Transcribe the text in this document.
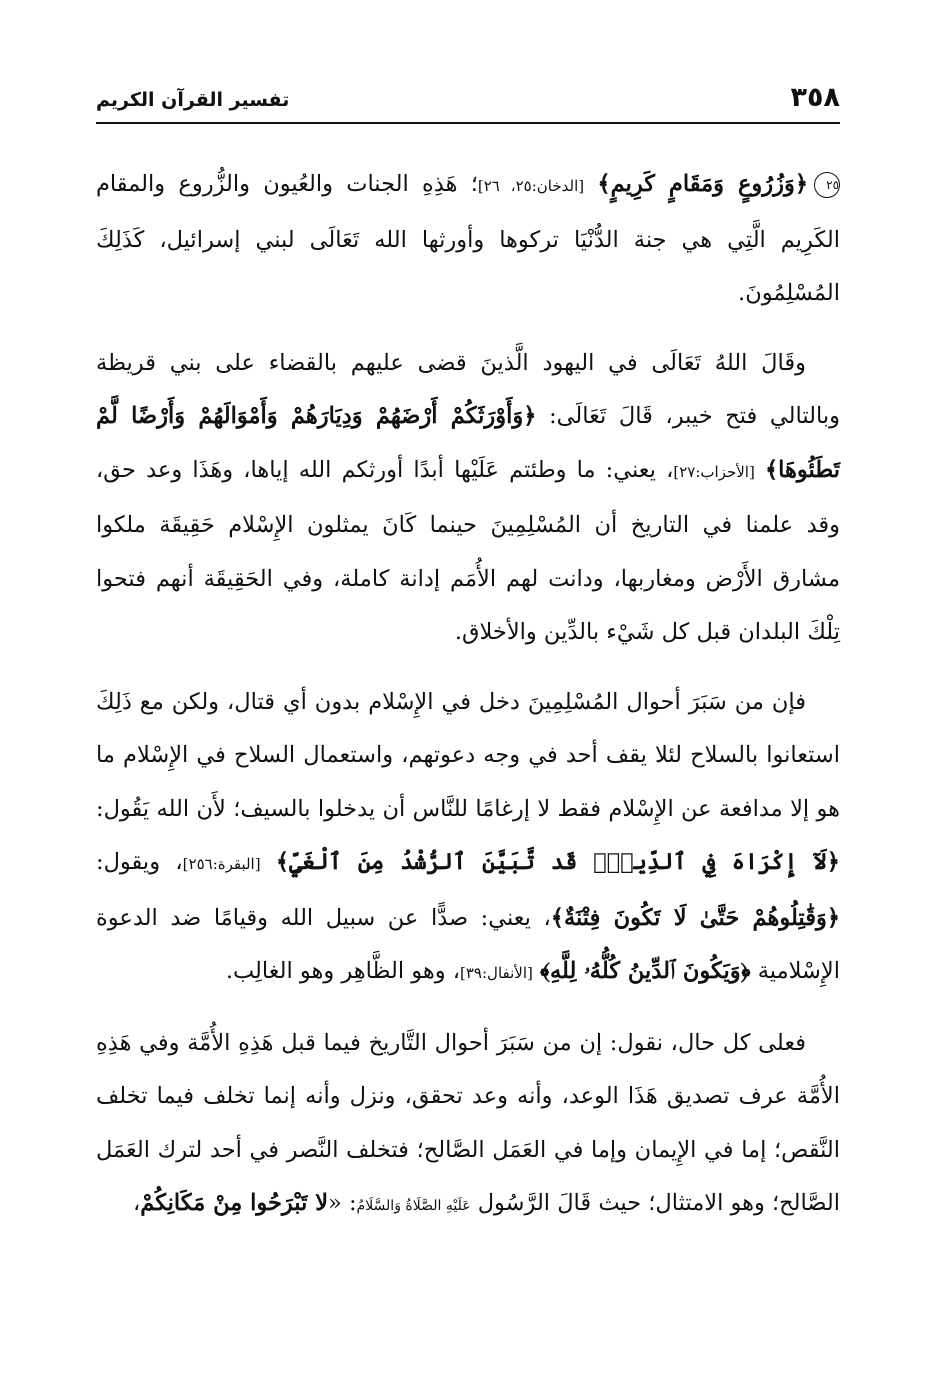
٣٥٨
تفسير القرآن الكريم

٢٥﴿وَزُرُوعٍ وَمَقَامٍ كَرِيمٍ﴾ [الدخان:٢٥، ٢٦]؛ هَذِهِ الجنات والعُيون والزُّروع والمقام الكَرِيم الَّتِي هي جنة الدُّنْيَا تركوها وأورثها الله تَعَالَى لبني إسرائيل، كَذَلِكَ المُسْلِمُونَ.

وقَالَ اللهُ تَعَالَى في اليهود الَّذينَ قضى عليهم بالقضاء على بني قريظة وبالتالي فتح خيبر، قَالَ تَعَالَى: ﴿وَأَوْرَثَكُمْ أَرْضَهُمْ وَدِيَارَهُمْ وَأَمْوَالَهُمْ وَأَرْضًا لَّمْ تَطَئُوهَا﴾ [الأحزاب:٢٧]، يعني: ما وطئتم عَلَيْها أبدًا أورثكم الله إياها، وهَذَا وعد حق، وقد علمنا في التاريخ أن المُسْلِمِينَ حينما كَانَ يمثلون الإِسْلام حَقِيقَة ملكوا مشارق الأَرْض ومغاربها، ودانت لهم الأُمَم إدانة كاملة، وفي الحَقِيقَة أنهم فتحوا تِلْكَ البلدان قبل كل شَيْء بالدِّين والأخلاق.

فإن من سَبَرَ أحوال المُسْلِمِينَ دخل في الإِسْلام بدون أي قتال، ولكن مع ذَلِكَ استعانوا بالسلاح لئلا يقف أحد في وجه دعوتهم، واستعمال السلاح في الإِسْلام ما هو إلا مدافعة عن الإِسْلام فقط لا إرغامًا للنَّاس أن يدخلوا بالسيف؛ لأَن الله يَقُول: ﴿لَآ إِكْرَاهَ فِي ٱلدِّينِۖ قَد تَّبَيَّنَ ٱلرُّشْدُ مِنَ ٱلْغَيِّ﴾ [البقرة:٢٥٦]، ويقول: ﴿وَقَٰتِلُوهُمْ حَتَّىٰ لَا تَكُونَ فِتْنَةٌ﴾، يعني: صدًّا عن سبيل الله وقيامًا ضد الدعوة الإِسْلامية ﴿وَيَكُونَ ٱلدِّينُ كُلُّهُۥ لِلَّهِ﴾ [الأنفال:٣٩]، وهو الظَّاهِر وهو الغالِب.

فعلى كل حال، نقول: إن من سَبَرَ أحوال التَّاريخ فيما قبل هَذِهِ الأُمَّة وفي هَذِهِ الأُمَّة عرف تصديق هَذَا الوعد، وأنه وعد تحقق، ونزل وأنه إنما تخلف فيما تخلف النَّقص؛ إما في الإِيمان وإما في العَمَل الصَّالح؛ فتخلف النَّصر في أحد لترك العَمَل الصَّالح؛ وهو الامتثال؛ حيث قَالَ الرَّسُول عَلَيْهِ الصَّلَاةُ وَالسَّلَامُ: «لا تَبْرَحُوا مِنْ مَكَانِكُمْ،
